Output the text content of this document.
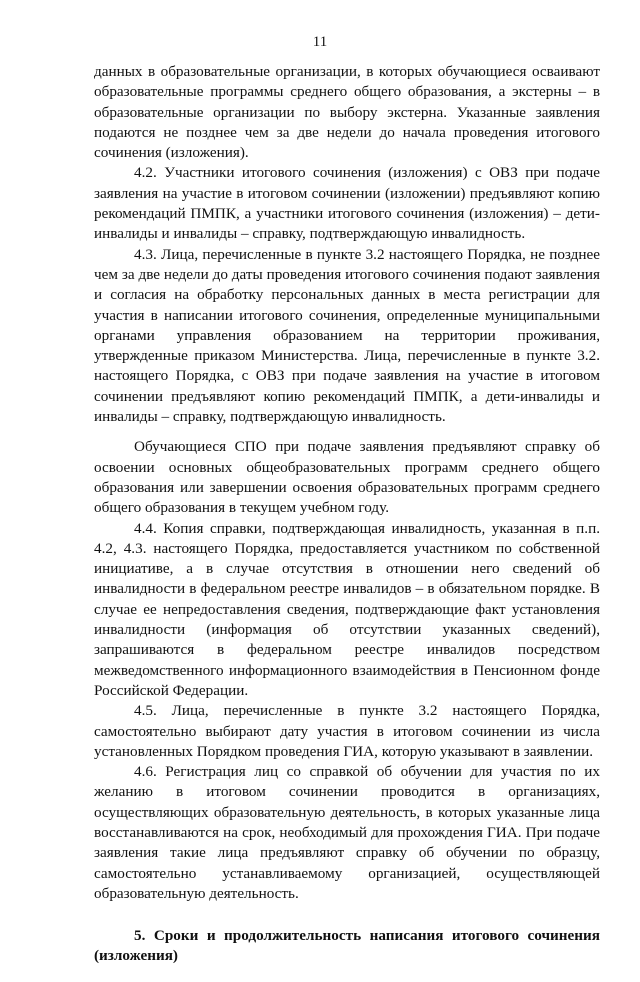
11

данных в образовательные организации, в которых обучающиеся осваивают образовательные программы среднего общего образования, а экстерны – в образовательные организации по выбору экстерна. Указанные заявления подаются не позднее чем за две недели до начала проведения итогового сочинения (изложения).

4.2. Участники итогового сочинения (изложения) с ОВЗ при подаче заявления на участие в итоговом сочинении (изложении) предъявляют копию рекомендаций ПМПК, а участники итогового сочинения (изложения) – дети-инвалиды и инвалиды – справку, подтверждающую инвалидность.

4.3. Лица, перечисленные в пункте 3.2 настоящего Порядка, не позднее чем за две недели до даты проведения итогового сочинения подают заявления и согласия на обработку персональных данных в места регистрации для участия в написании итогового сочинения, определенные муниципальными органами управления образованием на территории проживания, утвержденные приказом Министерства. Лица, перечисленные в пункте 3.2. настоящего Порядка, с ОВЗ при подаче заявления на участие в итоговом сочинении предъявляют копию рекомендаций ПМПК, а дети-инвалиды и инвалиды – справку, подтверждающую инвалидность.

Обучающиеся СПО при подаче заявления предъявляют справку об освоении основных общеобразовательных программ среднего общего образования или завершении освоения образовательных программ среднего общего образования в текущем учебном году.

4.4. Копия справки, подтверждающая инвалидность, указанная в п.п. 4.2, 4.3. настоящего Порядка, предоставляется участником по собственной инициативе, а в случае отсутствия в отношении него сведений об инвалидности в федеральном реестре инвалидов – в обязательном порядке. В случае ее непредоставления сведения, подтверждающие факт установления инвалидности (информация об отсутствии указанных сведений), запрашиваются в федеральном реестре инвалидов посредством межведомственного информационного взаимодействия в Пенсионном фонде Российской Федерации.

4.5. Лица, перечисленные в пункте 3.2 настоящего Порядка, самостоятельно выбирают дату участия в итоговом сочинении из числа установленных Порядком проведения ГИА, которую указывают в заявлении.

4.6. Регистрация лиц со справкой об обучении для участия по их желанию в итоговом сочинении проводится в организациях, осуществляющих образовательную деятельность, в которых указанные лица восстанавливаются на срок, необходимый для прохождения ГИА. При подаче заявления такие лица предъявляют справку об обучении по образцу, самостоятельно устанавливаемому организацией, осуществляющей образовательную деятельность.

5. Сроки и продолжительность написания итогового сочинения (изложения)
